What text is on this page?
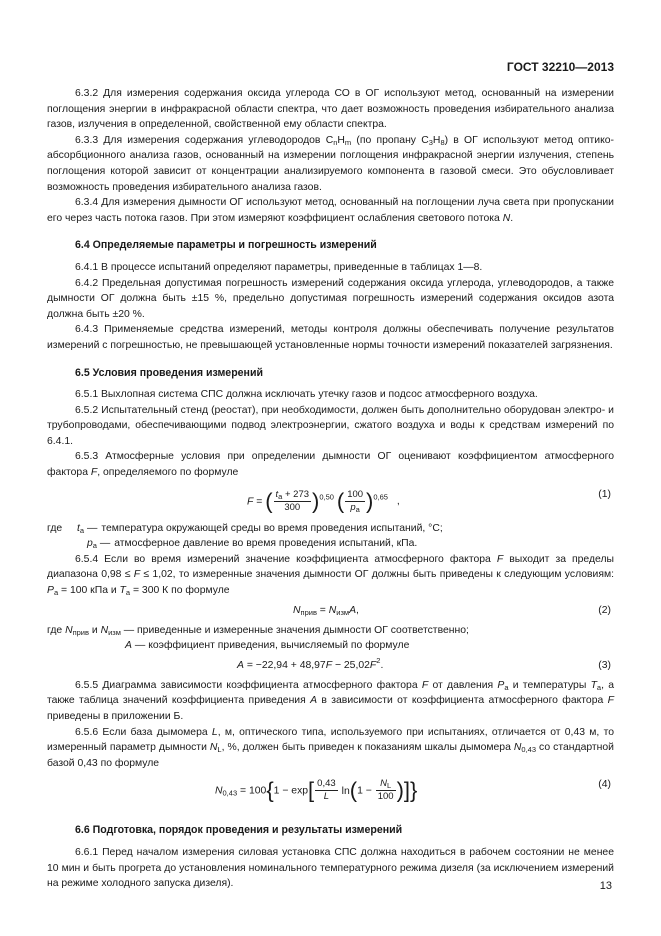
ГОСТ 32210—2013

6.3.2 Для измерения содержания оксида углерода СО в ОГ используют метод, основанный на измерении поглощения энергии в инфракрасной области спектра, что дает возможность проведения избирательного анализа газов, излучения в определенной, свойственной ему области спектра.

6.3.3 Для измерения содержания углеводородов $C_nH_m$ (по пропану $C_3H_8$) в ОГ используют метод оптико-абсорбционного анализа газов, основанный на измерении поглощения инфракрасной энергии излучения, степень поглощения которой зависит от концентрации анализируемого компонента в газовой смеси. Это обусловливает возможность проведения избирательного анализа газов.

6.3.4 Для измерения дымности ОГ используют метод, основанный на поглощении луча света при пропускании его через часть потока газов. При этом измеряют коэффициент ослабления светового потока N.

6.4 Определяемые параметры и погрешность измерений

6.4.1 В процессе испытаний определяют параметры, приведенные в таблицах 1—8.

6.4.2 Предельная допустимая погрешность измерений содержания оксида углерода, углеводородов, а также дымности ОГ должна быть ±15 %, предельно допустимая погрешность измерений содержания оксидов азота должна быть ±20 %.

6.4.3 Применяемые средства измерений, методы контроля должны обеспечивать получение результатов измерений с погрешностью, не превышающей установленные нормы точности измерений показателей загрязнения.

6.5 Условия проведения измерений

6.5.1 Выхлопная система СПС должна исключать утечку газов и подсос атмосферного воздуха.

6.5.2 Испытательный стенд (реостат), при необходимости, должен быть дополнительно оборудован электро- и трубопроводами, обеспечивающими подвод электроэнергии, сжатого воздуха и воды к средствам измерений по 6.4.1.

6.5.3 Атмосферные условия при определении дымности ОГ оценивают коэффициентом атмосферного фактора F, определяемого по формуле

F = ( $\frac{t_a + 273}{300} )^{0,50}$ ( $\frac{100}{p_a} )^{0,65}$ ,
(1)
где	$t_a$ — температура окружающей среды во время проведения испытаний, °C;
$p_a$ — атмосферное давление во время проведения испытаний, кПа.

6.5.4 Если во время измерений значение коэффициента атмосферного фактора F выходит за пределы диапазона 0,98 ≤ F ≤ 1,02, то измеренные значения дымности ОГ должны быть приведены к следующим условиям: $P_a = 100$ кПа и $T_a = 300$ К по формуле

$N_{прив} = N_{изм}A$,	(2)
где $N_{прив}$ и $N_{изм}$ — приведенные и измеренные значения дымности ОГ соответственно;
A — коэффициент приведения, вычисляемый по формуле
$A = -22,94 + 48,97F - 25,02F^2$.	(3)

6.5.5 Диаграмма зависимости коэффициента атмосферного фактора F от давления $P_a$ и температуры $T_a$, а также таблица значений коэффициента приведения A в зависимости от коэффициента атмосферного фактора F приведены в приложении Б.

6.5.6 Если база дымомера L, м, оптического типа, используемого при испытаниях, отличается от 0,43 м, то измеренный параметр дымности $N_L$, %, должен быть приведен к показаниям шкалы дымомера $N_{0,43}$ со стандартной базой 0,43 по формуле

$N_{0,43} = 100\{1 - \exp[ \frac{0,43}{L} \ln(1 - \frac{N_L}{100}$ )]}	(4)
6.6 Подготовка, порядок проведения и результаты измерений

6.6.1 Перед началом измерения силовая установка СПС должна находиться в рабочем состоянии не менее 10 мин и быть прогрета до установления номинального температурного режима дизеля (за исключением измерений на режиме холодного запуска дизеля).	13
